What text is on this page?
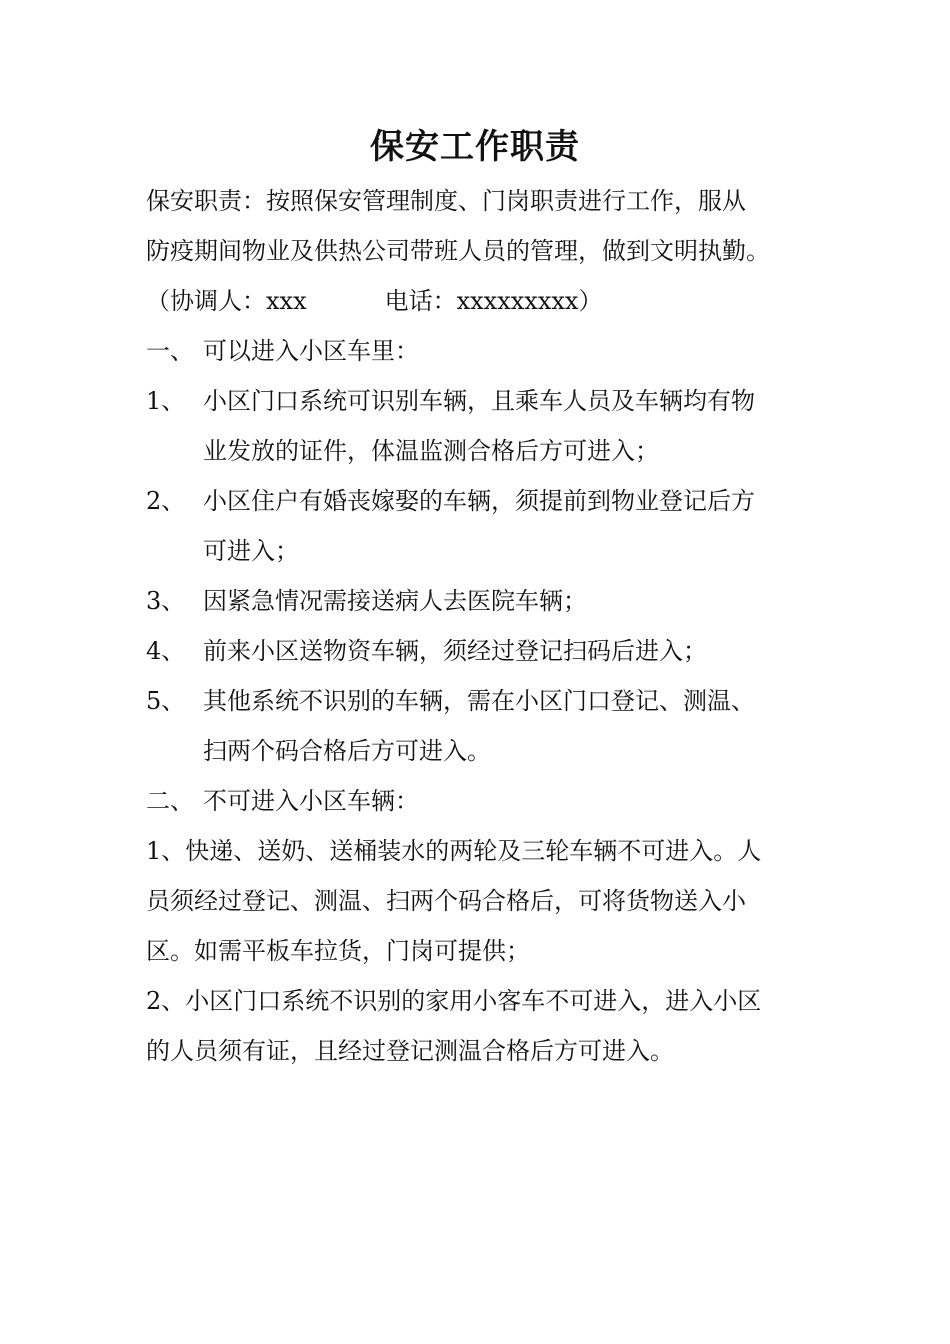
保安工作职责
保安职责：按照保安管理制度、门岗职责进行工作，服从
防疫期间物业及供热公司带班人员的管理，做到文明执勤。
（协调人：xxx	电话：xxxxxxxxx）
一、 可以进入小区车里：
1、 小区门口系统可识别车辆，且乘车人员及车辆均有物
业发放的证件，体温监测合格后方可进入；
2、 小区住户有婚丧嫁娶的车辆，须提前到物业登记后方
可进入；
3、 因紧急情况需接送病人去医院车辆；
4、 前来小区送物资车辆，须经过登记扫码后进入；
5、 其他系统不识别的车辆，需在小区门口登记、测温、
扫两个码合格后方可进入。
二、 不可进入小区车辆：
1、快递、送奶、送桶装水的两轮及三轮车辆不可进入。人
员须经过登记、测温、扫两个码合格后，可将货物送入小
区。如需平板车拉货，门岗可提供；
2、小区门口系统不识别的家用小客车不可进入，进入小区
的人员须有证，且经过登记测温合格后方可进入。
